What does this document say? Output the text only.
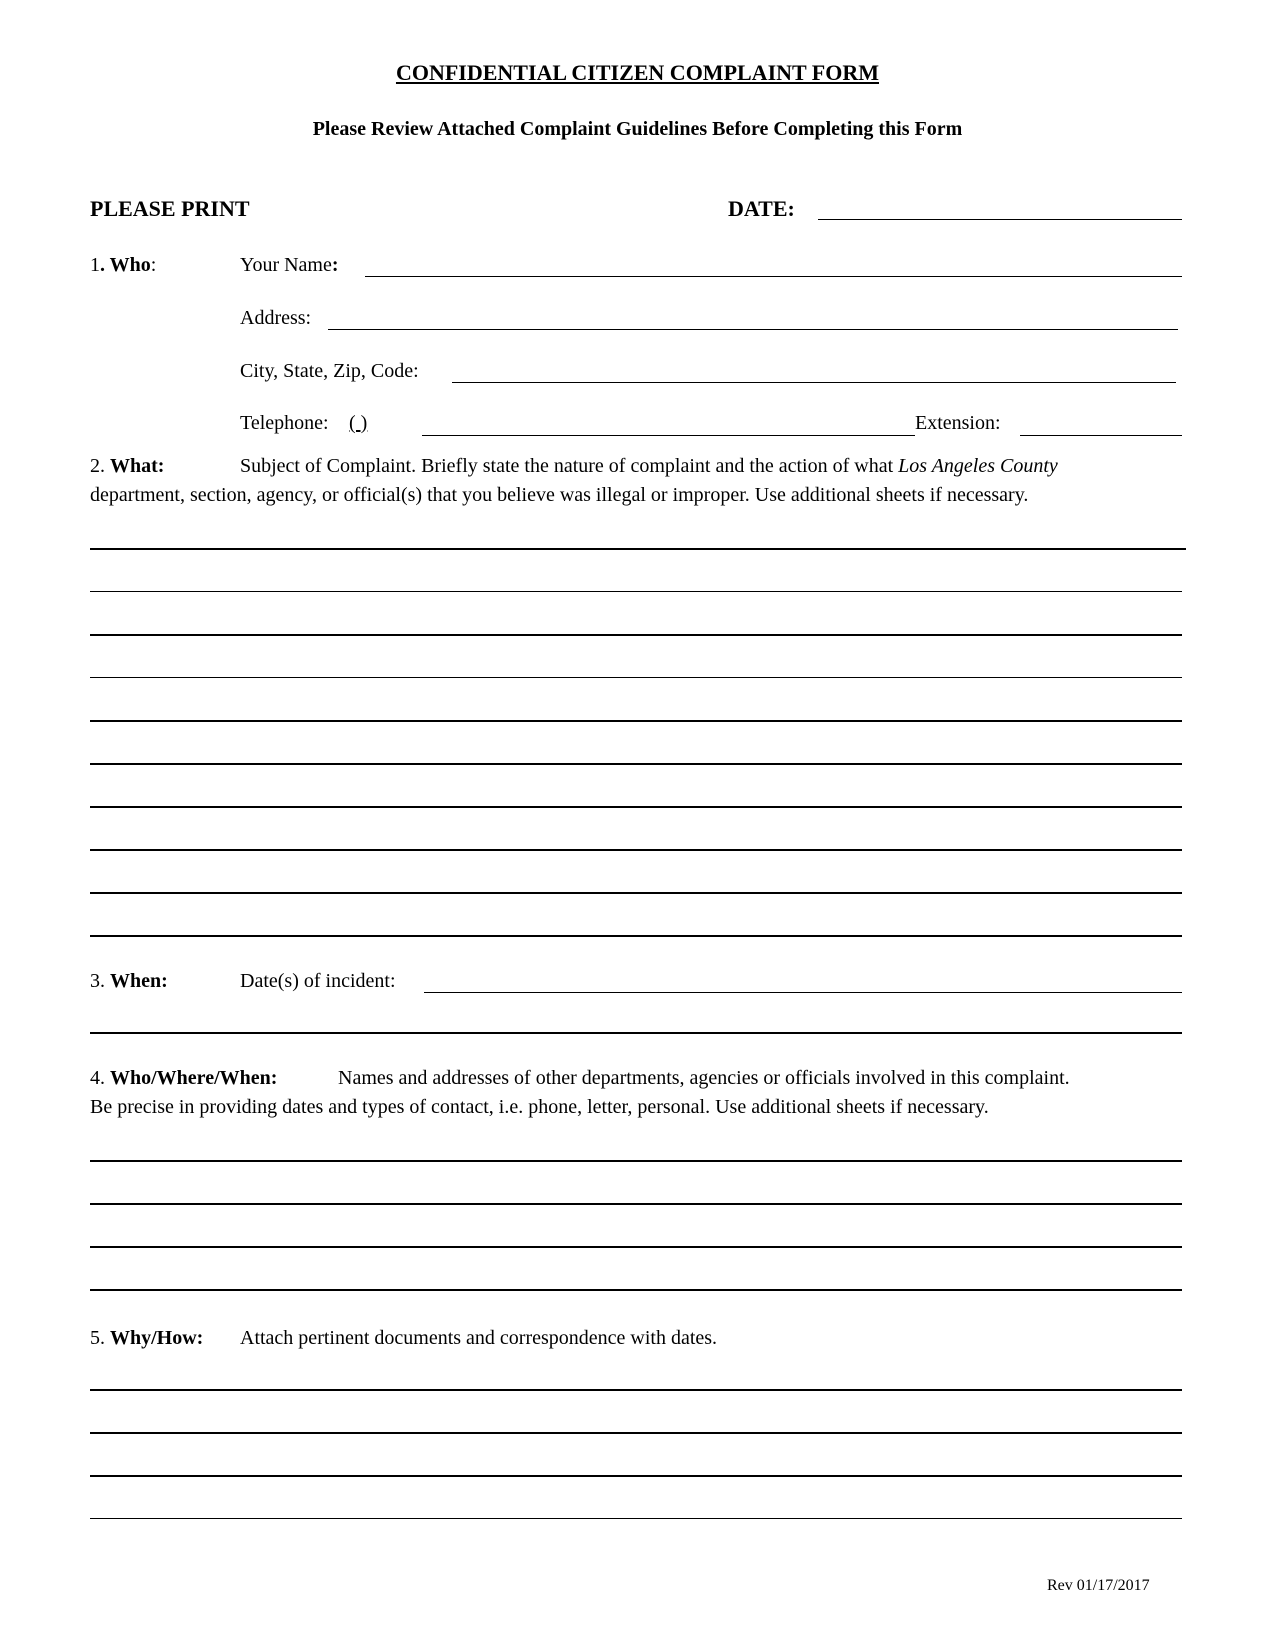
CONFIDENTIAL CITIZEN COMPLAINT FORM
Please Review Attached Complaint Guidelines Before Completing this Form
PLEASE PRINT	DATE:
1. Who:	Your Name:
Address:
City, State, Zip, Code:
Telephone: ( )	Extension:
2. What:	Subject of Complaint. Briefly state the nature of complaint and the action of what Los Angeles County
department, section, agency, or official(s) that you believe was illegal or improper. Use additional sheets if necessary.
3. When:	Date(s) of incident:
4. Who/Where/When:	Names and addresses of other departments, agencies or officials involved in this complaint.
Be precise in providing dates and types of contact, i.e. phone, letter, personal. Use additional sheets if necessary.
5. Why/How: Attach pertinent documents and correspondence with dates.
Rev 01/17/2017
